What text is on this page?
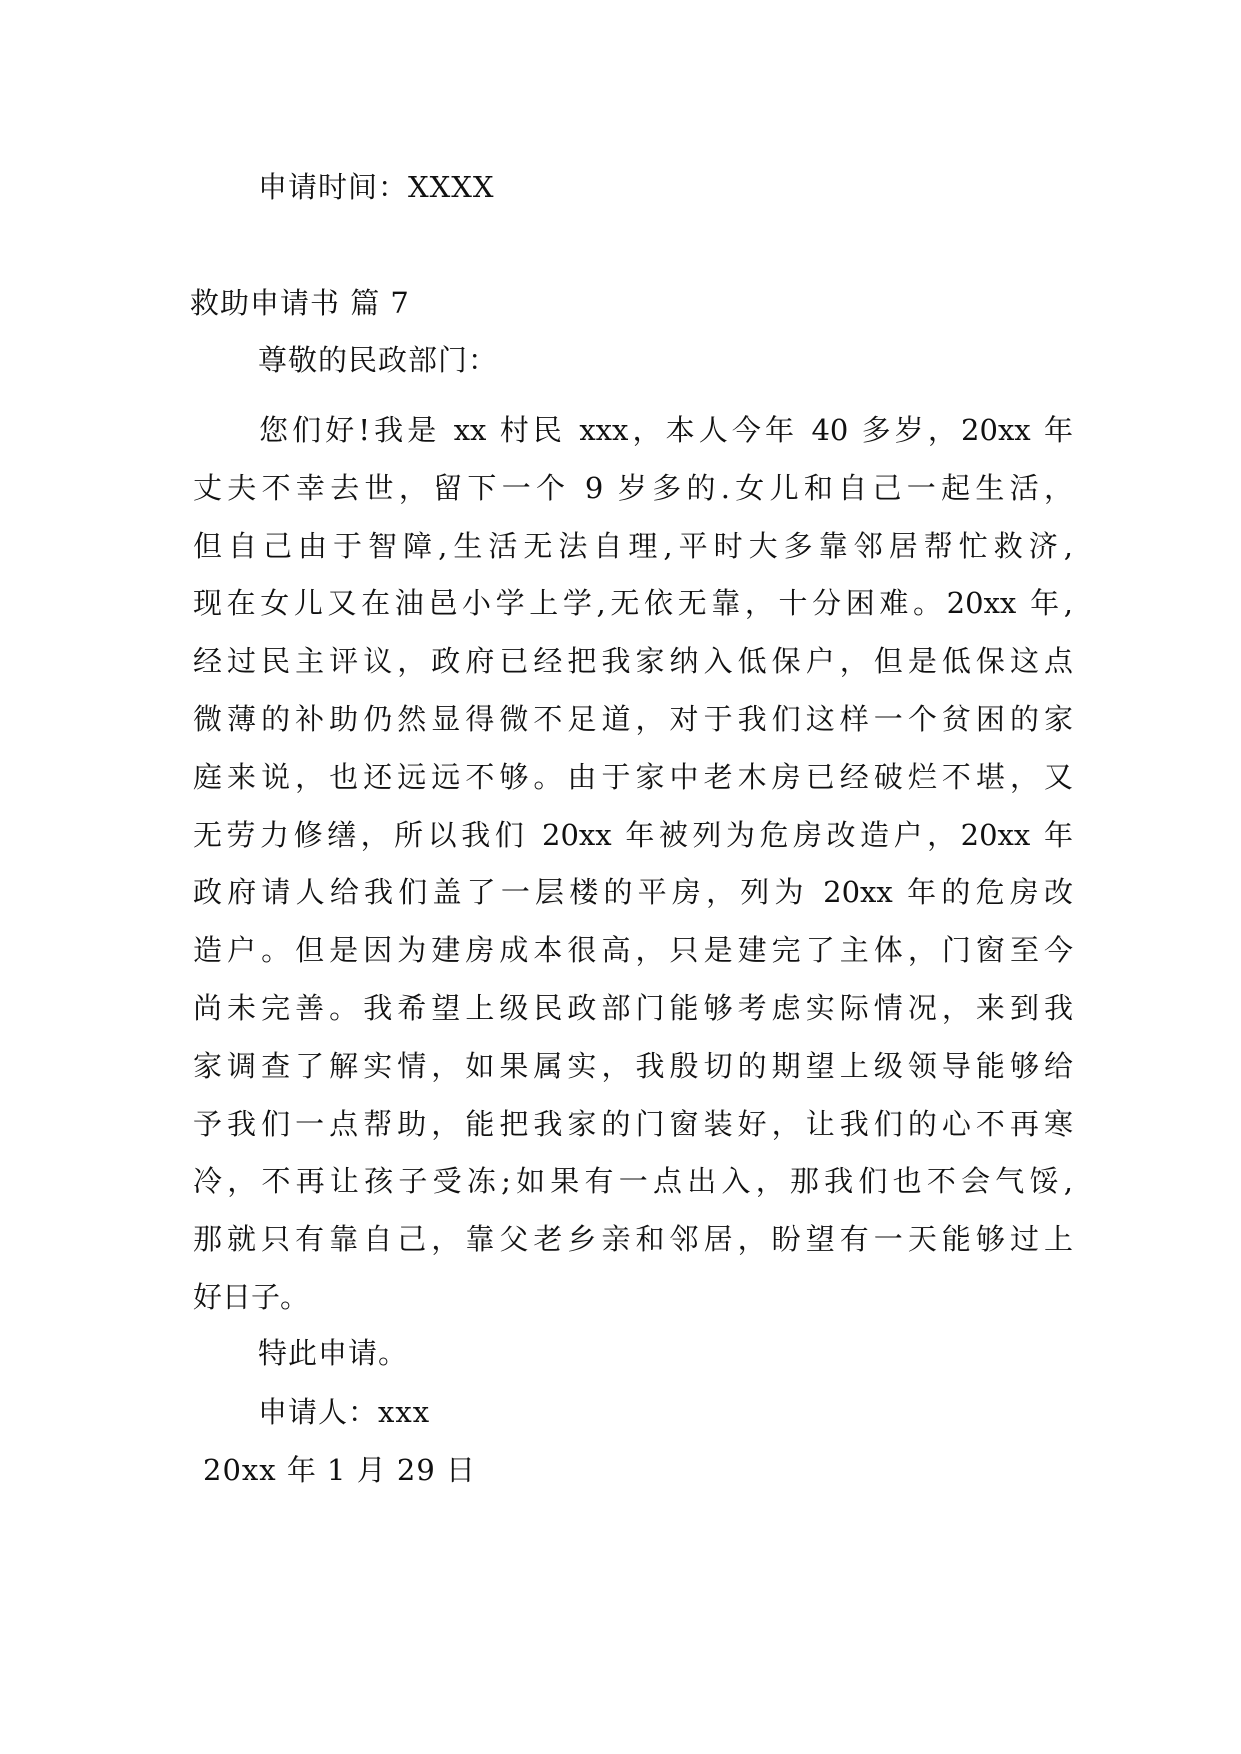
申请时间：XXXX
救助申请书 篇 7
尊敬的民政部门：
您们好!我是 xx 村民 xxx，本人今年 40 多岁，20xx 年
丈夫不幸去世，留下一个 9 岁多的.女儿和自己一起生活，
但自己由于智障,生活无法自理,平时大多靠邻居帮忙救济,
现在女儿又在油邑小学上学,无依无靠，十分困难。20xx 年,
经过民主评议，政府已经把我家纳入低保户，但是低保这点
微薄的补助仍然显得微不足道，对于我们这样一个贫困的家
庭来说，也还远远不够。由于家中老木房已经破烂不堪，又
无劳力修缮，所以我们 20xx 年被列为危房改造户，20xx 年
政府请人给我们盖了一层楼的平房，列为 20xx 年的危房改
造户。但是因为建房成本很高，只是建完了主体，门窗至今
尚未完善。我希望上级民政部门能够考虑实际情况，来到我
家调查了解实情，如果属实，我殷切的期望上级领导能够给
予我们一点帮助，能把我家的门窗装好，让我们的心不再寒
冷，不再让孩子受冻;如果有一点出入，那我们也不会气馁,
那就只有靠自己，靠父老乡亲和邻居，盼望有一天能够过上
好日子。
特此申请。
申请人：xxx
20xx 年 1 月 29 日
